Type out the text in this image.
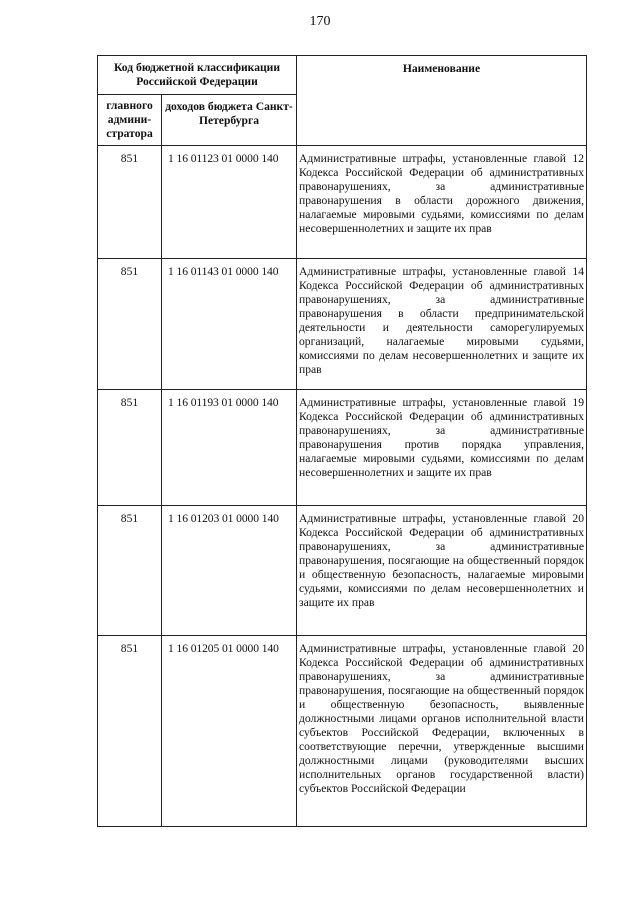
170
Код бюджетной классификации Российской Федерации		Наименование
главного админи-стратора	доходов бюджета Санкт-Петербурга	
851	1 16 01123 01 0000 140	Административные штрафы, установленные главой 12 Кодекса Российской Федерации об административных правонарушениях, за административные правонарушения в области дорожного движения, налагаемые мировыми судьями, комиссиями по делам несовершеннолетних и защите их прав
851	1 16 01143 01 0000 140	Административные штрафы, установленные главой 14 Кодекса Российской Федерации об административных правонарушениях, за административные правонарушения в области предпринимательской деятельности и деятельности саморегулируемых организаций, налагаемые мировыми судьями, комиссиями по делам несовершеннолетних и защите их прав
851	1 16 01193 01 0000 140	Административные штрафы, установленные главой 19 Кодекса Российской Федерации об административных правонарушениях, за административные правонарушения против порядка управления, налагаемые мировыми судьями, комиссиями по делам несовершеннолетних и защите их прав
851	1 16 01203 01 0000 140	Административные штрафы, установленные главой 20 Кодекса Российской Федерации об административных правонарушениях, за административные правонарушения, посягающие на общественный порядок и общественную безопасность, налагаемые мировыми судьями, комиссиями по делам несовершеннолетних и защите их прав
851	1 16 01205 01 0000 140	Административные штрафы, установленные главой 20 Кодекса Российской Федерации об административных правонарушениях, за административные правонарушения, посягающие на общественный порядок и общественную безопасность, выявленные должностными лицами органов исполнительной власти субъектов Российской Федерации, включенных в соответствующие перечни, утвержденные высшими должностными лицами (руководителями высших исполнительных органов государственной власти) субъектов Российской Федерации
